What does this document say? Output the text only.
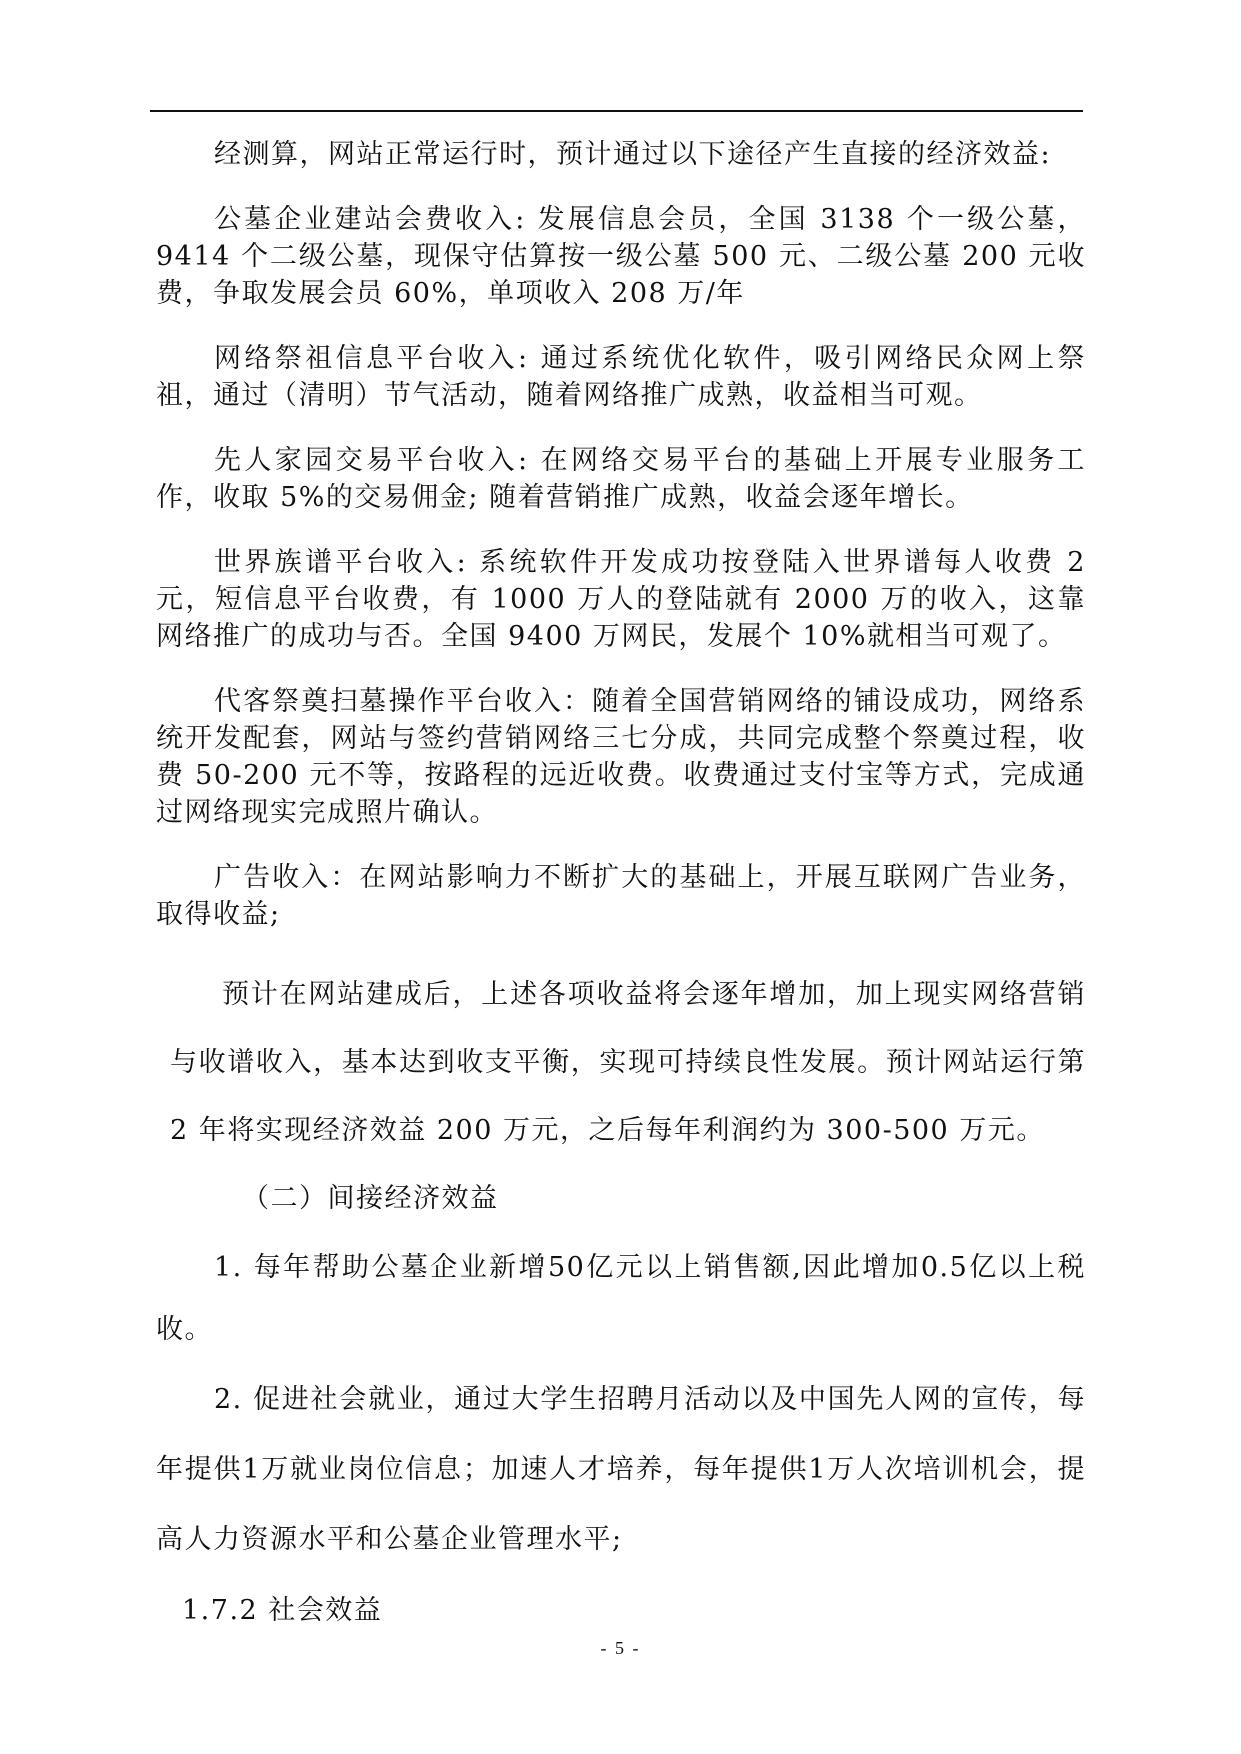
经测算，网站正常运行时，预计通过以下途径产生直接的经济效益:

公墓企业建站会费收入: 发展信息会员，全国 3138 个一级公墓，9414 个二级公墓，现保守估算按一级公墓 500 元、二级公墓 200 元收费，争取发展会员 60%，单项收入 208 万/年

网络祭祖信息平台收入: 通过系统优化软件，吸引网络民众网上祭祖，通过（清明）节气活动，随着网络推广成熟，收益相当可观。

先人家园交易平台收入: 在网络交易平台的基础上开展专业服务工作，收取 5%的交易佣金; 随着营销推广成熟，收益会逐年增长。

世界族谱平台收入: 系统软件开发成功按登陆入世界谱每人收费 2 元，短信息平台收费，有 1000 万人的登陆就有 2000 万的收入，这靠网络推广的成功与否。全国 9400 万网民，发展个 10%就相当可观了。

代客祭奠扫墓操作平台收入：随着全国营销网络的铺设成功，网络系统开发配套，网站与签约营销网络三七分成，共同完成整个祭奠过程，收费 50-200 元不等，按路程的远近收费。收费通过支付宝等方式，完成通过网络现实完成照片确认。

广告收入：在网站影响力不断扩大的基础上，开展互联网广告业务，取得收益;

预计在网站建成后，上述各项收益将会逐年增加，加上现实网络营销与收谱收入，基本达到收支平衡，实现可持续良性发展。预计网站运行第 2 年将实现经济效益 200 万元，之后每年利润约为 300-500 万元。

（二）间接经济效益

1. 每年帮助公墓企业新增50亿元以上销售额,因此增加0.5亿以上税收。

2. 促进社会就业，通过大学生招聘月活动以及中国先人网的宣传，每年提供1万就业岗位信息；加速人才培养，每年提供1万人次培训机会，提高人力资源水平和公墓企业管理水平;

1.7.2 社会效益

- 5 -
